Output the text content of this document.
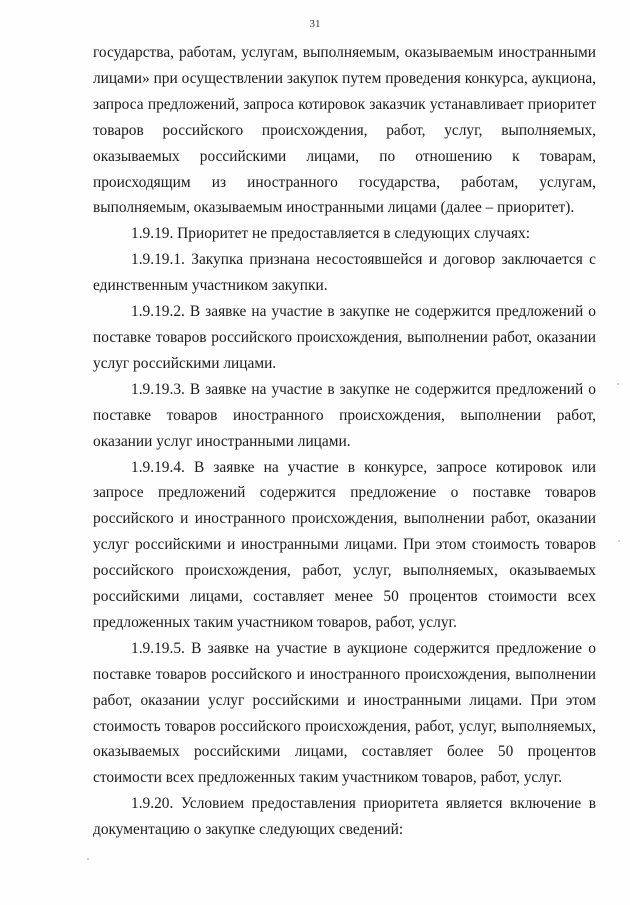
31

государства, работам, услугам, выполняемым, оказываемым иностранными лицами» при осуществлении закупок путем проведения конкурса, аукциона, запроса предложений, запроса котировок заказчик устанавливает приоритет товаров российского происхождения, работ, услуг, выполняемых, оказываемых российскими лицами, по отношению к товарам, происходящим из иностранного государства, работам, услугам, выполняемым, оказываемым иностранными лицами (далее – приоритет).

1.9.19. Приоритет не предоставляется в следующих случаях:

1.9.19.1. Закупка признана несостоявшейся и договор заключается с единственным участником закупки.

1.9.19.2. В заявке на участие в закупке не содержится предложений о поставке товаров российского происхождения, выполнении работ, оказании услуг российскими лицами.

1.9.19.3. В заявке на участие в закупке не содержится предложений о поставке товаров иностранного происхождения, выполнении работ, оказании услуг иностранными лицами.

1.9.19.4. В заявке на участие в конкурсе, запросе котировок или запросе предложений содержится предложение о поставке товаров российского и иностранного происхождения, выполнении работ, оказании услуг российскими и иностранными лицами. При этом стоимость товаров российского происхождения, работ, услуг, выполняемых, оказываемых российскими лицами, составляет менее 50 процентов стоимости всех предложенных таким участником товаров, работ, услуг.

1.9.19.5. В заявке на участие в аукционе содержится предложение о поставке товаров российского и иностранного происхождения, выполнении работ, оказании услуг российскими и иностранными лицами. При этом стоимость товаров российского происхождения, работ, услуг, выполняемых, оказываемых российскими лицами, составляет более 50 процентов стоимости всех предложенных таким участником товаров, работ, услуг.

1.9.20. Условием предоставления приоритета является включение в документацию о закупке следующих сведений:
